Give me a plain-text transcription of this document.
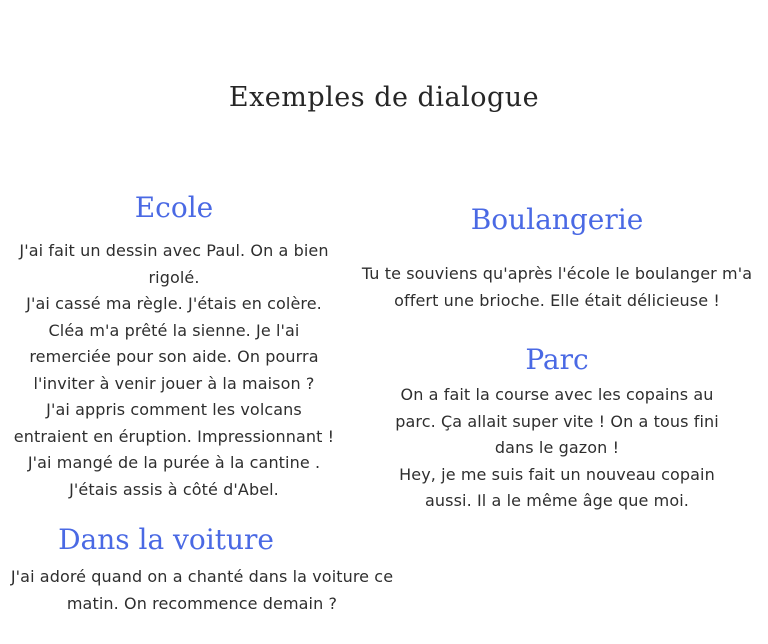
Exemples de dialogue
Ecole

J'ai fait un dessin avec Paul. On a bien
rigolé.
J'ai cassé ma règle. J'étais en colère.
Cléa m'a prêté la sienne. Je l'ai
remerciée pour son aide. On pourra
l'inviter à venir jouer à la maison ?
J'ai appris comment les volcans
entraient en éruption. Impressionnant !
J'ai mangé de la purée à la cantine .
J'étais assis à côté d'Abel.

Boulangerie

Tu te souviens qu'après l'école le boulanger m'a
offert une brioche. Elle était délicieuse !

Parc

On a fait la course avec les copains au
parc. Ça allait super vite ! On a tous fini
dans le gazon !
Hey, je me suis fait un nouveau copain
aussi. Il a le même âge que moi.

Dans la voiture

J'ai adoré quand on a chanté dans la voiture ce
matin. On recommence demain ?
